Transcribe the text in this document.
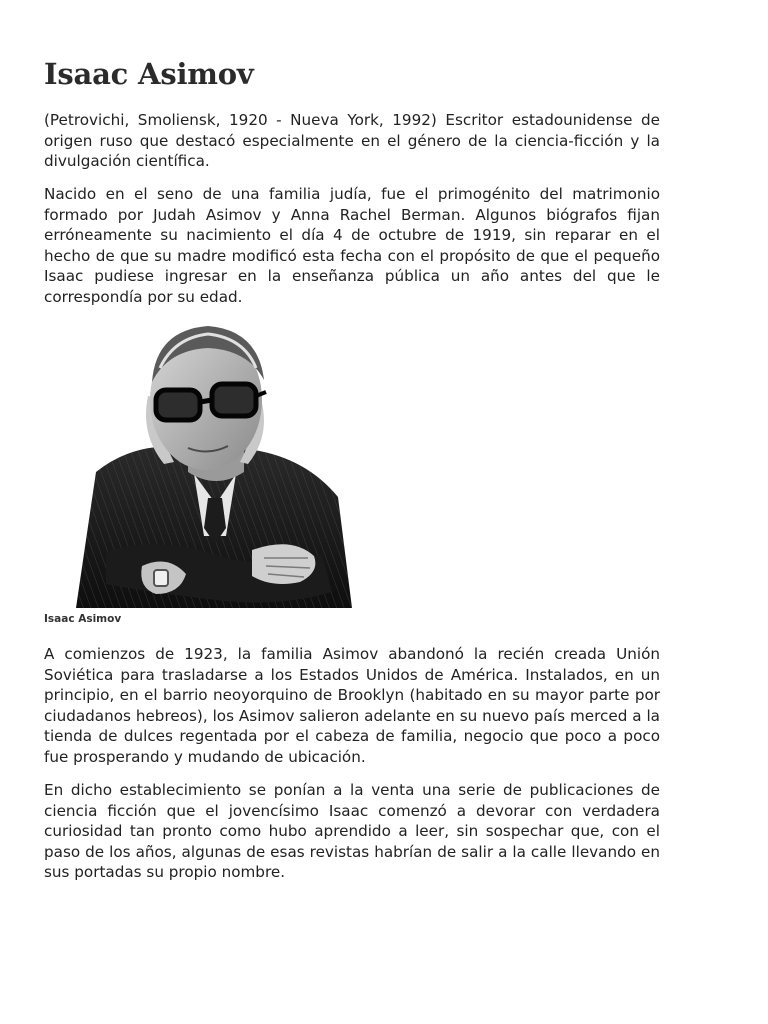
Isaac Asimov

(Petrovichi, Smoliensk, 1920 - Nueva York, 1992) Escritor estadounidense de origen ruso que destacó especialmente en el género de la ciencia-ficción y la divulgación científica.

Nacido en el seno de una familia judía, fue el primogénito del matrimonio formado por Judah Asimov y Anna Rachel Berman. Algunos biógrafos fijan erróneamente su nacimiento el día 4 de octubre de 1919, sin reparar en el hecho de que su madre modificó esta fecha con el propósito de que el pequeño Isaac pudiese ingresar en la enseñanza pública un año antes del que le correspondía por su edad.

Isaac Asimov

A comienzos de 1923, la familia Asimov abandonó la recién creada Unión Soviética para trasladarse a los Estados Unidos de América. Instalados, en un principio, en el barrio neoyorquino de Brooklyn (habitado en su mayor parte por ciudadanos hebreos), los Asimov salieron adelante en su nuevo país merced a la tienda de dulces regentada por el cabeza de familia, negocio que poco a poco fue prosperando y mudando de ubicación.

En dicho establecimiento se ponían a la venta una serie de publicaciones de ciencia ficción que el jovencísimo Isaac comenzó a devorar con verdadera curiosidad tan pronto como hubo aprendido a leer, sin sospechar que, con el paso de los años, algunas de esas revistas habrían de salir a la calle llevando en sus portadas su propio nombre.
